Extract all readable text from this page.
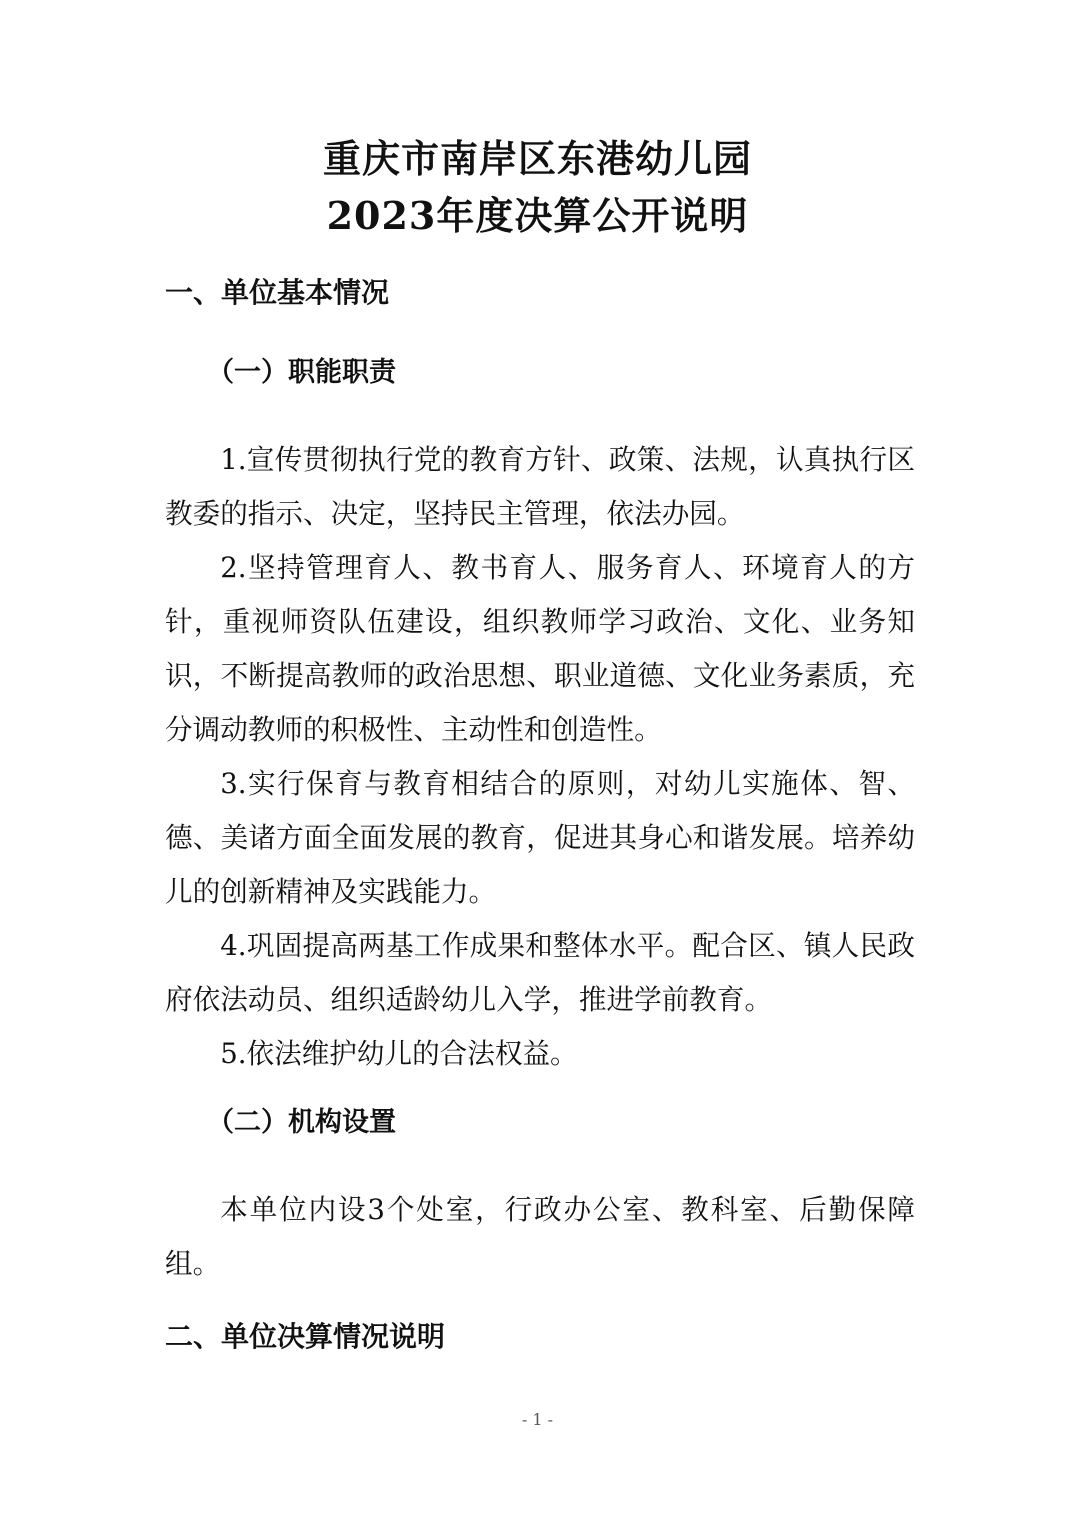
重庆市南岸区东港幼儿园
2023年度决算公开说明
一、单位基本情况
（一）职能职责

1.宣传贯彻执行党的教育方针、政策、法规，认真执行区教委的指示、决定，坚持民主管理，依法办园。

2.坚持管理育人、教书育人、服务育人、环境育人的方针，重视师资队伍建设，组织教师学习政治、文化、业务知识，不断提高教师的政治思想、职业道德、文化业务素质，充分调动教师的积极性、主动性和创造性。

3.实行保育与教育相结合的原则，对幼儿实施体、智、德、美诸方面全面发展的教育，促进其身心和谐发展。培养幼儿的创新精神及实践能力。

4.巩固提高两基工作成果和整体水平。配合区、镇人民政府依法动员、组织适龄幼儿入学，推进学前教育。

5.依法维护幼儿的合法权益。

（二）机构设置

本单位内设3个处室，行政办公室、教科室、后勤保障组。

二、单位决算情况说明
- 1 -
